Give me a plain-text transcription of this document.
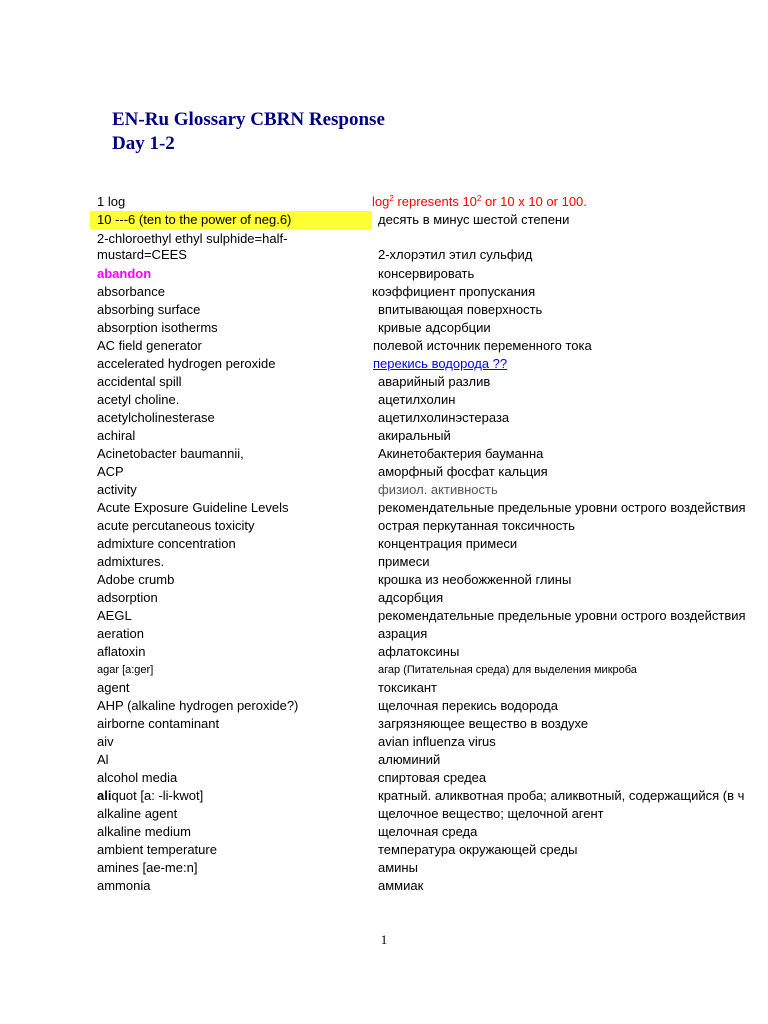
EN-Ru Glossary CBRN Response
Day 1-2
1 log	$\log^2$ represents $10^2$ or 10 x 10 or 100.
10 ---6 (ten to the power of neg.6)	десять в минус шестой степени
2-chloroethyl ethyl sulphide=half-mustard=CEES	2-хлорэтил этил сульфид
abandon	консервировать
absorbance	коэффициент пропускания
absorbing surface	впитывающая поверхность
absorption isotherms	кривые адсорбции
AC field generator	полевой источник переменного тока
accelerated hydrogen peroxide	перекись водорода ??
accidental spill	аварийный разлив
acetyl choline.	ацетилхолин
acetylcholinesterase	ацетилхолинэстераза
achiral	акиральный
Acinetobacter baumannii,	Акинетобактерия бауманна
ACP	аморфный фосфат кальция
activity	физиол. активность
Acute Exposure Guideline Levels	рекомендательные предельные уровни острого воздействия
acute percutaneous toxicity	острая перкутанная токсичность
admixture concentration	концентрация примеси
admixtures.	примеси
Adobe crumb	крошка из необожженной глины
adsorption	адсорбция
AEGL	рекомендательные предельные уровни острого воздействия
aeration	азрация
aflatoxin	афлатоксины
agar [a:ger]	агар (Питательная среда) для выделения микроба
agent	токсикант
AHP (alkaline hydrogen peroxide?)	щелочная перекись водорода
airborne contaminant	загрязняющее вещество в воздухе
aiv	avian influenza virus
Al	алюминий
alcohol media	спиртовая средеа
aliquot [a: -li-kwot]	кратный. аликвотная проба; аликвотный, содержащийся (в ч
alkaline agent	щелочное вещество; щелочной агент
alkaline medium	щелочная среда
ambient temperature	температура окружающей среды
amines [ae-me:n]	амины
ammonia	аммиак
1
